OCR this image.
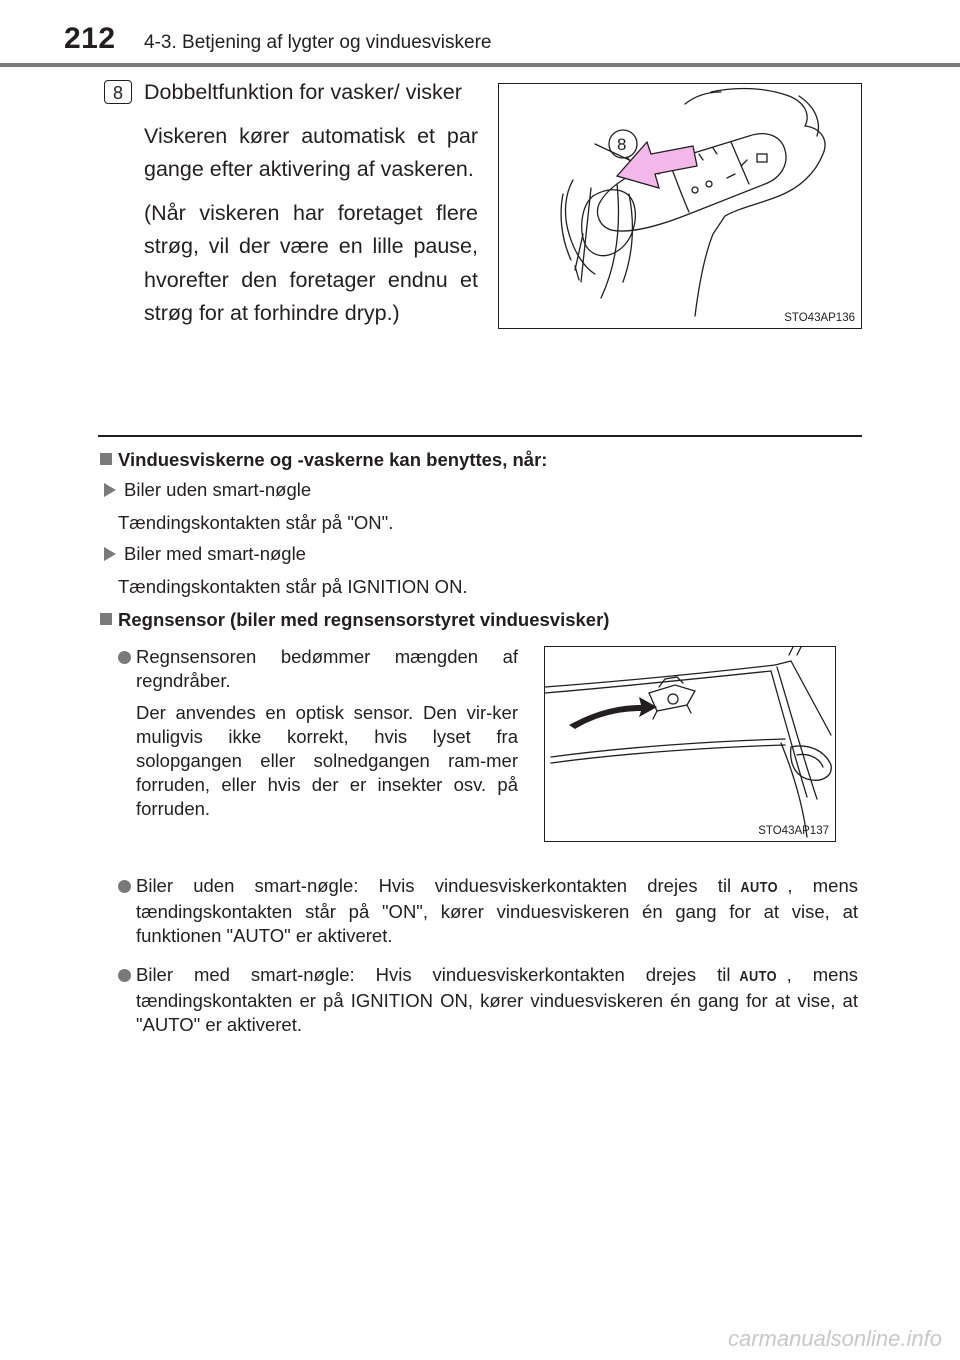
212 4-3. Betjening af lygter og vinduesviskere
8 Dobbeltfunktion for vasker/ visker

Viskeren kører automatisk et par gange efter aktivering af vaskeren.

(Når viskeren har foretaget flere strøg, vil der være en lille pause, hvorefter den foretager endnu et strøg for at forhindre dryp.)

8
STO43AP136
Vinduesviskerne og -vaskerne kan benyttes, når:
Biler uden smart-nøgle
Tændingskontakten står på "ON".
Biler med smart-nøgle
Tændingskontakten står på IGNITION ON.
Regnsensor (biler med regnsensorstyret vinduesvisker)
Regnsensoren bedømmer mængden af regndråber.
Der anvendes en optisk sensor. Den vir-ker muligvis ikke korrekt, hvis lyset fra solopgangen eller solnedgangen ram-mer forruden, eller hvis der er insekter osv. på forruden.
STO43AP137
Biler uden smart-nøgle: Hvis vinduesviskerkontakten drejes til AUTO , mens tændingskontakten står på "ON", kører vinduesviskeren én gang for at vise, at funktionen "AUTO" er aktiveret.
Biler med smart-nøgle: Hvis vinduesviskerkontakten drejes til AUTO , mens tændingskontakten er på IGNITION ON, kører vinduesviskeren én gang for at vise, at "AUTO" er aktiveret.
carmanualsonline.info
